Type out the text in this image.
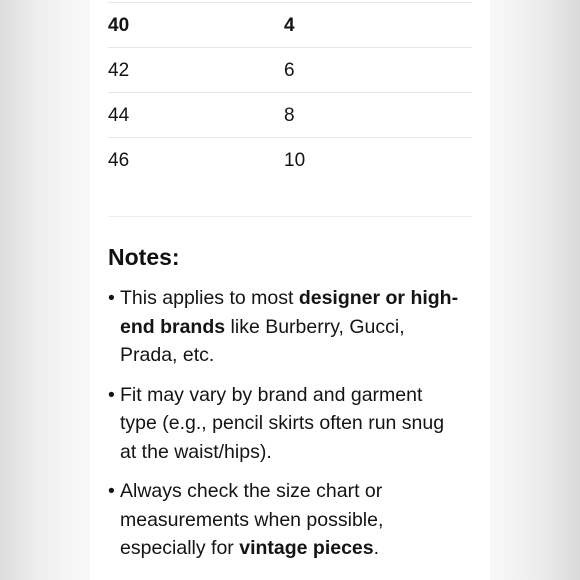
40	4
42	6
44	8
46	10
Notes:
• This applies to most designer or high-end brands like Burberry, Gucci, Prada, etc.
• Fit may vary by brand and garment type (e.g., pencil skirts often run snug at the waist/hips).
• Always check the size chart or measurements when possible, especially for vintage pieces.
